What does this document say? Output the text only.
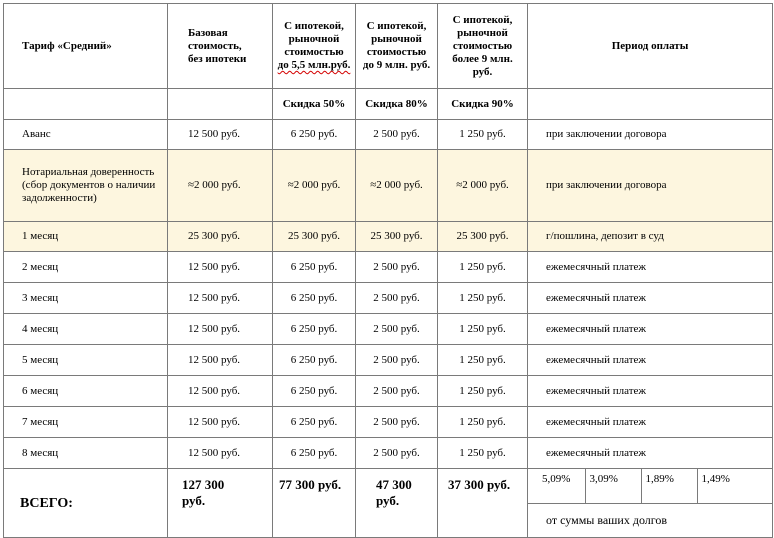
Тариф «Средний»	Базовая
стоимость,
без ипотеки	С ипотекой,
рыночной
стоимостью
до 5,5 млн.руб.	С ипотекой,
рыночной
стоимостью
до 9 млн. руб.	С ипотекой,
рыночной
стоимостью
более 9 млн.
руб.	Период оплаты
		Скидка 50%	Скидка 80%	Скидка 90%	
Аванс	12 500 руб.	6 250 руб.	2 500 руб.	1 250 руб.	при заключении договора
Нотариальная доверенность (сбор документов о наличии задолженности)	≈2 000 руб.	≈2 000 руб.	≈2 000 руб.	≈2 000 руб.	при заключении договора
1 месяц	25 300 руб.	25 300 руб.	25 300 руб.	25 300 руб.	г/пошлина, депозит в суд
2 месяц	12 500 руб.	6 250 руб.	2 500 руб.	1 250 руб.	ежемесячный платеж
3 месяц	12 500 руб.	6 250 руб.	2 500 руб.	1 250 руб.	ежемесячный платеж
4 месяц	12 500 руб.	6 250 руб.	2 500 руб.	1 250 руб.	ежемесячный платеж
5 месяц	12 500 руб.	6 250 руб.	2 500 руб.	1 250 руб.	ежемесячный платеж
6 месяц	12 500 руб.	6 250 руб.	2 500 руб.	1 250 руб.	ежемесячный платеж
7 месяц	12 500 руб.	6 250 руб.	2 500 руб.	1 250 руб.	ежемесячный платеж
8 месяц	12 500 руб.	6 250 руб.	2 500 руб.	1 250 руб.	ежемесячный платеж
ВСЕГО:	127 300
руб.	77 300 руб.	47 300
руб.	37 300 руб.		5,09%	3,09%	1,89%	1,49%

от суммы ваших долгов
